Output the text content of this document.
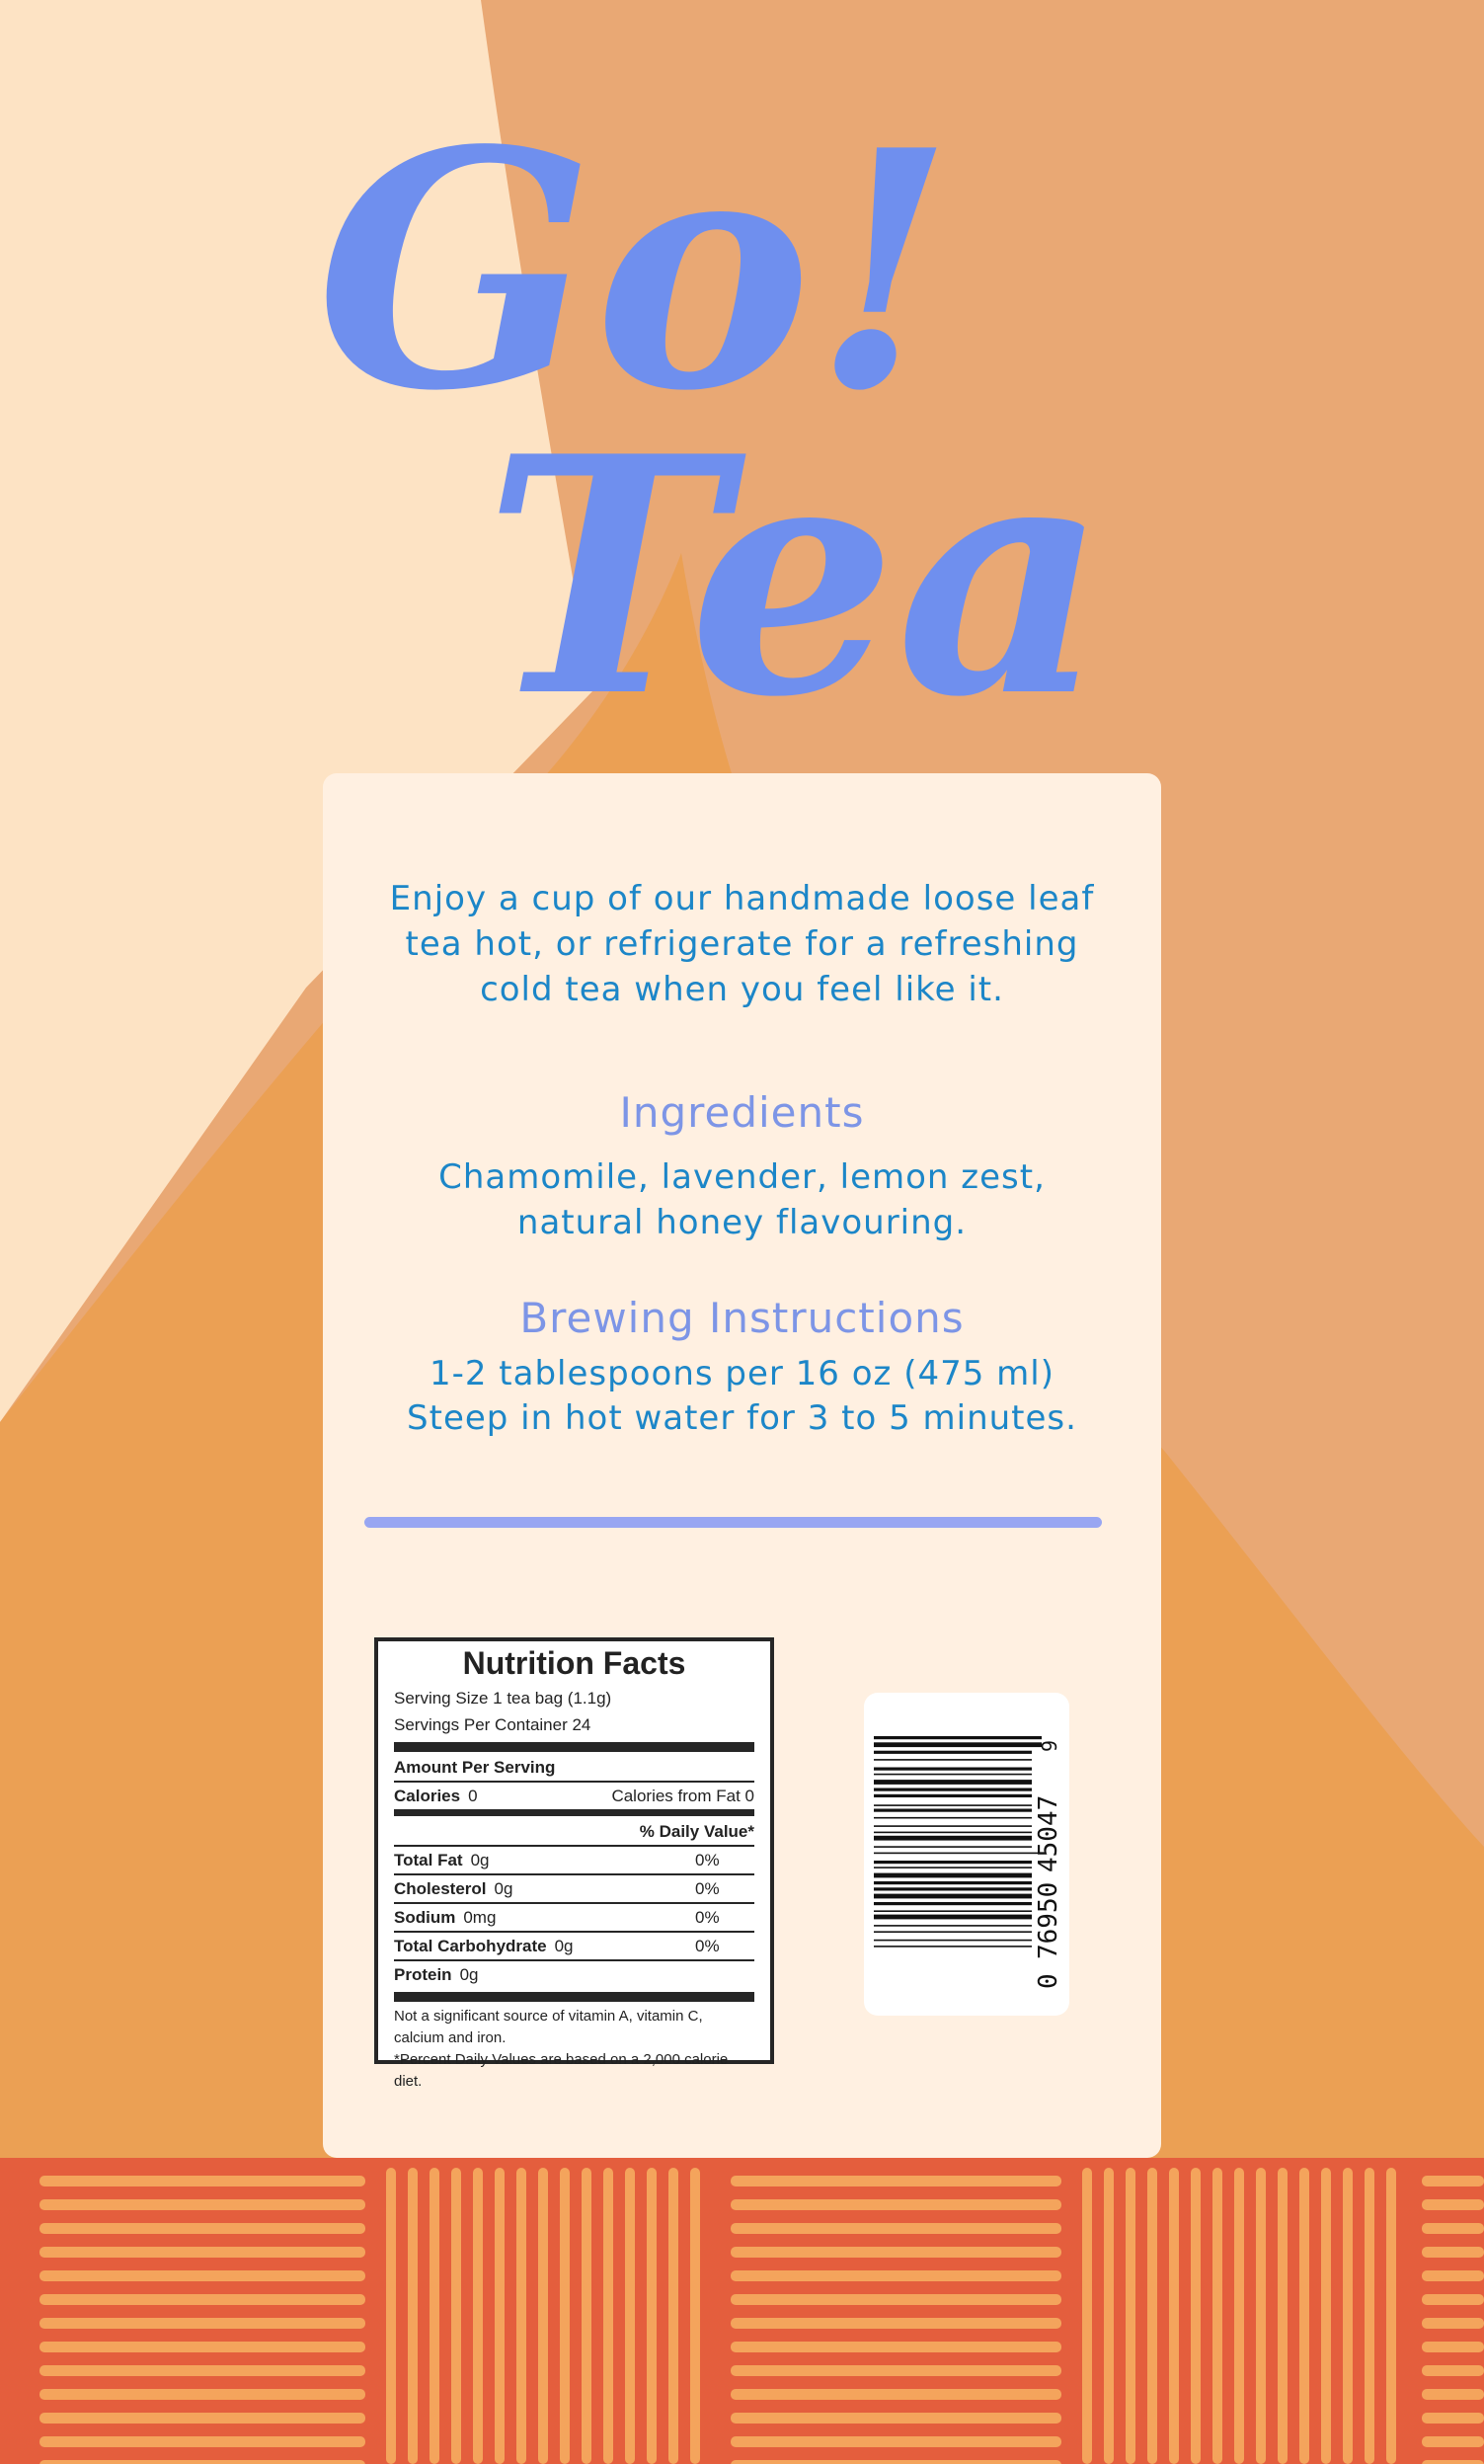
Go!
Tea
Enjoy a cup of our handmade loose leaf
tea hot, or refrigerate for a refreshing
cold tea when you feel like it.
Ingredients
Chamomile, lavender, lemon zest,
natural honey flavouring.
Brewing Instructions
1-2 tablespoons per 16 oz (475 ml)
Steep in hot water for 3 to 5 minutes.
Nutrition Facts
Serving Size 1 tea bag (1.1g)
Servings Per Container 24
Amount Per Serving
Calories 0	Calories from Fat 0
% Daily Value*
Total Fat 0g	0%
Cholesterol 0g	0%
Sodium 0mg	0%
Total Carbohydrate 0g	0%
Protein 0g
Not a significant source of vitamin A, vitamin C, calcium and iron.
*Percent Daily Values are based on a 2,000 calorie diet.
0
76950
45047
9
